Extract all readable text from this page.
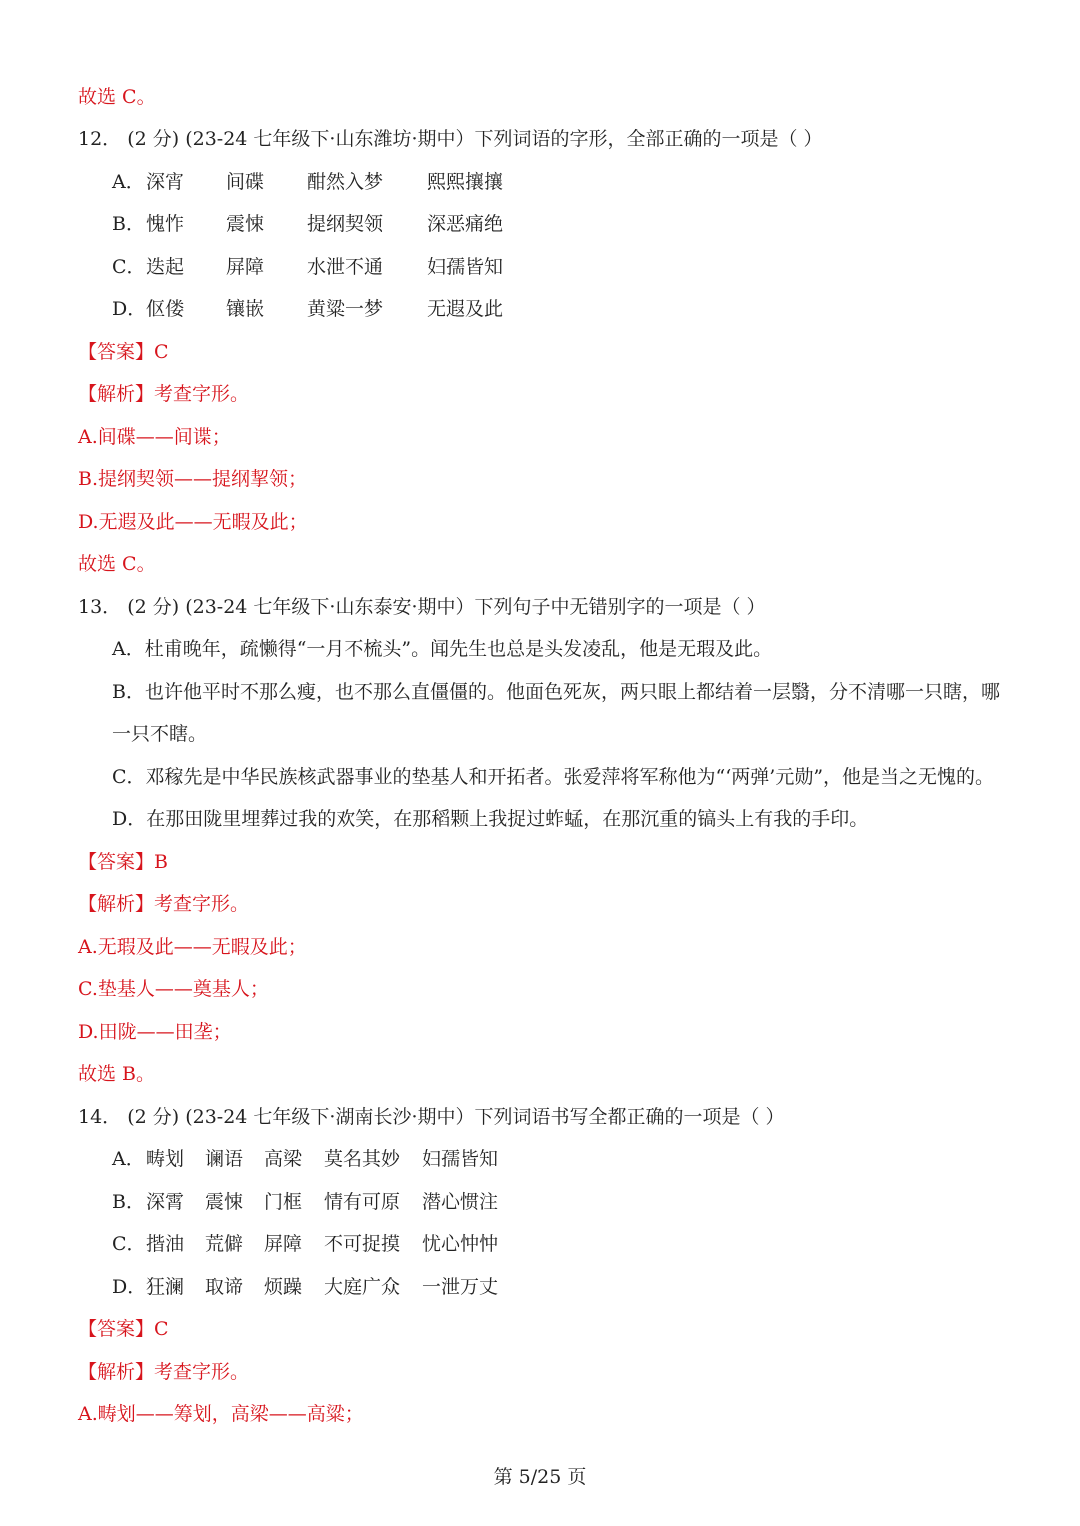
故选 C。
12． (2 分) (23-24 七年级下·山东潍坊·期中）下列词语的字形，全部正确的一项是（ ）
A． 深宵 间碟 酣然入梦 熙熙攘攘
B． 愧怍 震悚 提纲契领 深恶痛绝
C． 迭起 屏障 水泄不通 妇孺皆知
D． 伛偻 镶嵌 黄粱一梦 无遐及此
【答案】C
【解析】考查字形。
A.间碟——间谍；
B.提纲契领——提纲挈领；
D.无遐及此——无暇及此；
故选 C。
13． (2 分) (23-24 七年级下·山东泰安·期中）下列句子中无错别字的一项是（ ）
A．杜甫晚年，疏懒得“一月不梳头”。闻先生也总是头发凌乱，他是无瑕及此。
B．也许他平时不那么瘦，也不那么直僵僵的。他面色死灰，两只眼上都结着一层翳，分不清哪一只瞎，哪
一只不瞎。
C．邓稼先是中华民族核武器事业的垫基人和开拓者。张爱萍将军称他为“‘两弹’元勋”，他是当之无愧的。
D．在那田陇里埋葬过我的欢笑，在那稻颗上我捉过蚱蜢，在那沉重的镐头上有我的手印。
【答案】B
【解析】考查字形。
A.无瑕及此——无暇及此；
C.垫基人——奠基人；
D.田陇——田垄；
故选 B。
14． (2 分) (23-24 七年级下·湖南长沙·期中）下列词语书写全都正确的一项是（ ）
A． 畴划 谰语 高梁 莫名其妙 妇孺皆知
B． 深霄 震悚 门框 情有可原 潜心惯注
C． 揩油 荒僻 屏障 不可捉摸 忧心忡忡
D． 狂澜 取谛 烦躁 大庭广众 一泄万丈
【答案】C
【解析】考查字形。
A.畴划——筹划，高梁——高粱；
第 5/25 页
